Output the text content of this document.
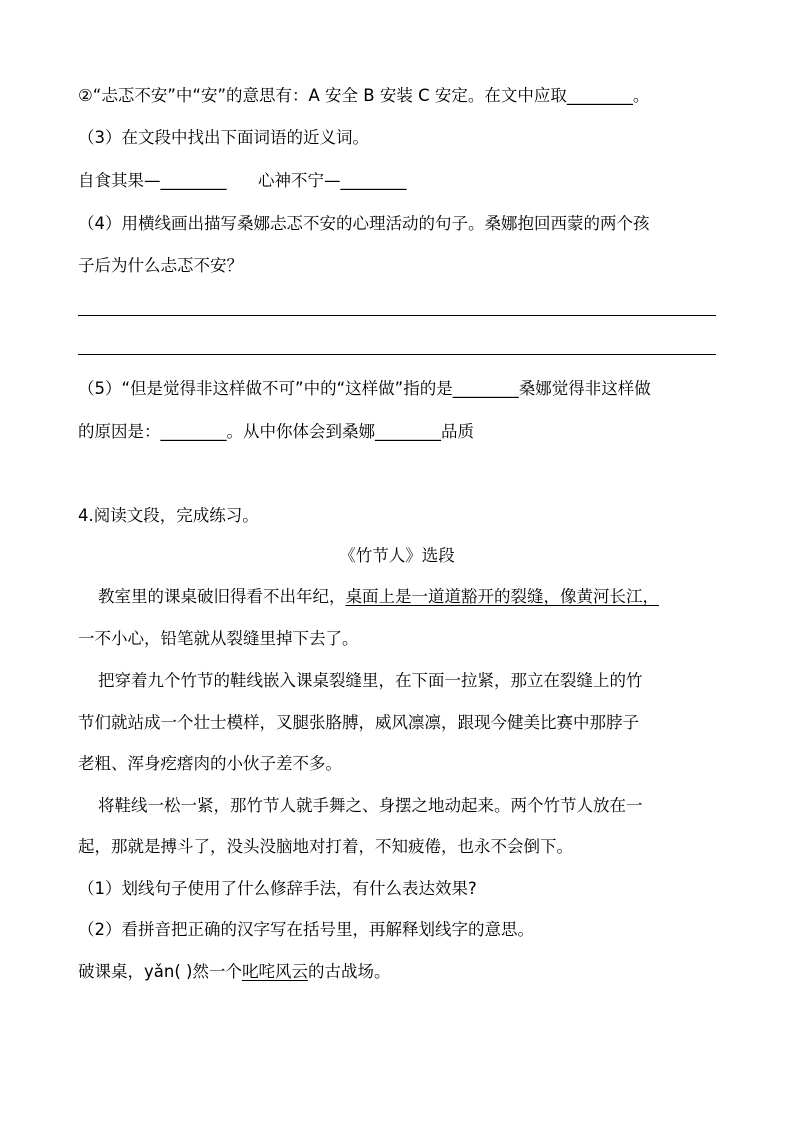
②“忐忑不安”中“安”的意思有：A 安全 B 安装 C 安定。在文中应取________。
（3）在文段中找出下面词语的近义词。
自食其果—________ 心神不宁—________
（4）用横线画出描写桑娜忐忑不安的心理活动的句子。桑娜抱回西蒙的两个孩
子后为什么忐忑不安？
（5）“但是觉得非这样做不可”中的“这样做”指的是________桑娜觉得非这样做
的原因是：________。从中你体会到桑娜________品质
4.阅读文段，完成练习。
《竹节人》选段
教室里的课桌破旧得看不出年纪，桌面上是一道道豁开的裂缝，像黄河长江，
一不小心，铅笔就从裂缝里掉下去了。
把穿着九个竹节的鞋线嵌入课桌裂缝里，在下面一拉紧，那立在裂缝上的竹
节们就站成一个壮士模样，叉腿张胳膊，威风凛凛，跟现今健美比赛中那脖子
老粗、浑身疙瘩肉的小伙子差不多。
将鞋线一松一紧，那竹节人就手舞之、身摆之地动起来。两个竹节人放在一
起，那就是搏斗了，没头没脑地对打着，不知疲倦，也永不会倒下。
（1）划线句子使用了什么修辞手法，有什么表达效果?
（2）看拼音把正确的汉字写在括号里，再解释划线字的意思。
破课桌，yǎn( )然一个叱咤风云的古战场。
